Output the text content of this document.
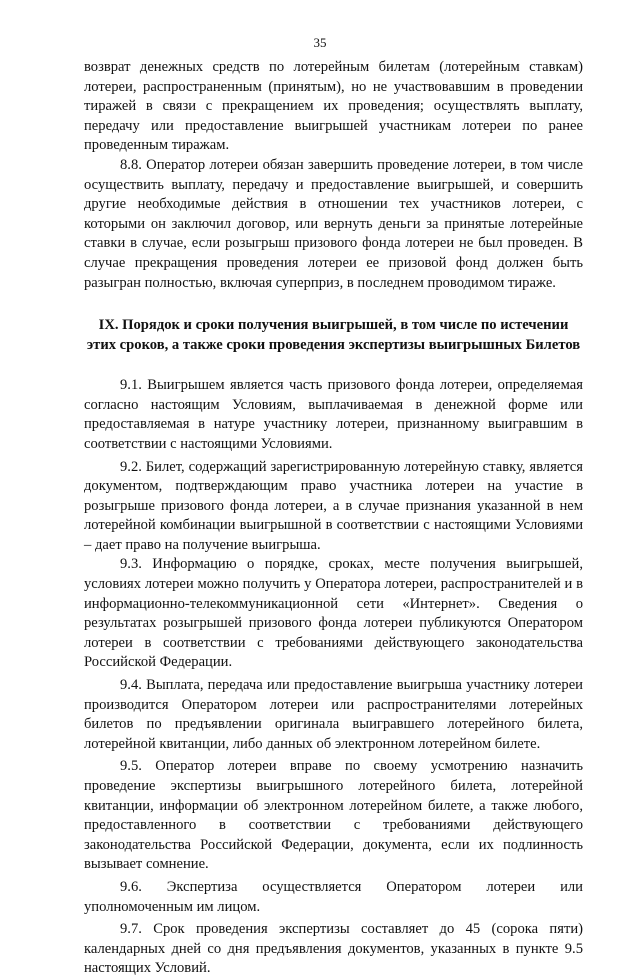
35

возврат денежных средств по лотерейным билетам (лотерейным ставкам) лотереи, распространенным (принятым), но не участвовавшим в проведении тиражей в связи с прекращением их проведения; осуществлять выплату, передачу или предоставление выигрышей участникам лотереи по ранее проведенным тиражам.

8.8. Оператор лотереи обязан завершить проведение лотереи, в том числе осуществить выплату, передачу и предоставление выигрышей, и совершить другие необходимые действия в отношении тех участников лотереи, с которыми он заключил договор, или вернуть деньги за принятые лотерейные ставки в случае, если розыгрыш призового фонда лотереи не был проведен. В случае прекращения проведения лотереи ее призовой фонд должен быть разыгран полностью, включая суперприз, в последнем проводимом тираже.

IX. Порядок и сроки получения выигрышей, в том числе по истечении этих сроков, а также сроки проведения экспертизы выигрышных Билетов

9.1. Выигрышем является часть призового фонда лотереи, определяемая согласно настоящим Условиям, выплачиваемая в денежной форме или предоставляемая в натуре участнику лотереи, признанному выигравшим в соответствии с настоящими Условиями.

9.2. Билет, содержащий зарегистрированную лотерейную ставку, является документом, подтверждающим право участника лотереи на участие в розыгрыше призового фонда лотереи, а в случае признания указанной в нем лотерейной комбинации выигрышной в соответствии с настоящими Условиями – дает право на получение выигрыша.

9.3. Информацию о порядке, сроках, месте получения выигрышей, условиях лотереи можно получить у Оператора лотереи, распространителей и в информационно-телекоммуникационной сети «Интернет». Сведения о результатах розыгрышей призового фонда лотереи публикуются Оператором лотереи в соответствии с требованиями действующего законодательства Российской Федерации.

9.4. Выплата, передача или предоставление выигрыша участнику лотереи производится Оператором лотереи или распространителями лотерейных билетов по предъявлении оригинала выигравшего лотерейного билета, лотерейной квитанции, либо данных об электронном лотерейном билете.

9.5. Оператор лотереи вправе по своему усмотрению назначить проведение экспертизы выигрышного лотерейного билета, лотерейной квитанции, информации об электронном лотерейном билете, а также любого, предоставленного в соответствии с требованиями действующего законодательства Российской Федерации, документа, если их подлинность вызывает сомнение.

9.6. Экспертиза осуществляется Оператором лотереи или уполномоченным им лицом.

9.7. Срок проведения экспертизы составляет до 45 (сорока пяти) календарных дней со дня предъявления документов, указанных в пункте 9.5 настоящих Условий.
